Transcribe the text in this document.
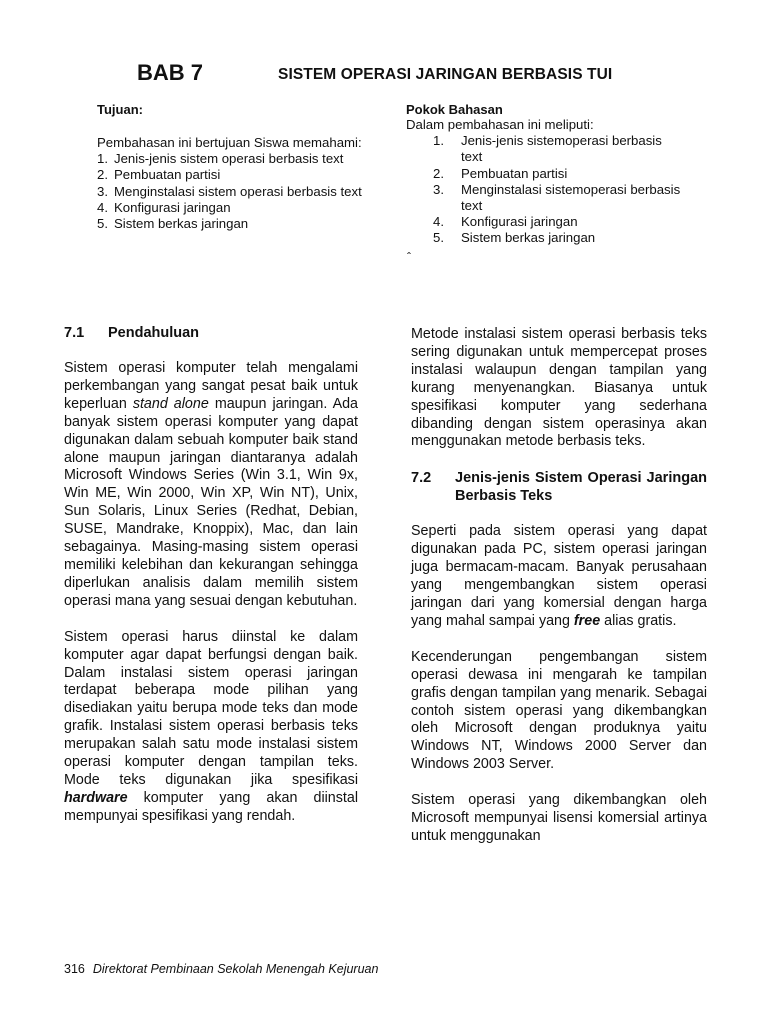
BAB 7	SISTEM OPERASI JARINGAN BERBASIS TUI
Tujuan:
Pembahasan ini bertujuan Siswa memahami:
1. Jenis-jenis sistem operasi berbasis text
2. Pembuatan partisi
3. Menginstalasi sistem operasi berbasis text
4. Konfigurasi jaringan
5. Sistem berkas jaringan
Pokok Bahasan
Dalam pembahasan ini meliputi:
1. Jenis-jenis sistemoperasi berbasis text
2. Pembuatan partisi
3. Menginstalasi sistemoperasi berbasis text
4. Konfigurasi jaringan
5. Sistem berkas jaringan
ˆ
7.1 Pendahuluan

Sistem operasi komputer telah mengalami perkembangan yang sangat pesat baik untuk keperluan stand alone maupun jaringan. Ada banyak sistem operasi komputer yang dapat digunakan dalam sebuah komputer baik stand alone maupun jaringan diantaranya adalah Microsoft Windows Series (Win 3.1, Win 9x, Win ME, Win 2000, Win XP, Win NT), Unix, Sun Solaris, Linux Series (Redhat, Debian, SUSE, Mandrake, Knoppix), Mac, dan lain sebagainya. Masing-masing sistem operasi memiliki kelebihan dan kekurangan sehingga diperlukan analisis dalam memilih sistem operasi mana yang sesuai dengan kebutuhan.

Sistem operasi harus diinstal ke dalam komputer agar dapat berfungsi dengan baik. Dalam instalasi sistem operasi jaringan terdapat beberapa mode pilihan yang disediakan yaitu berupa mode teks dan mode grafik. Instalasi sistem operasi berbasis teks merupakan salah satu mode instalasi sistem operasi komputer dengan tampilan teks. Mode teks digunakan jika spesifikasi hardware komputer yang akan diinstal mempunyai spesifikasi yang rendah.

Metode instalasi sistem operasi berbasis teks sering digunakan untuk mempercepat proses instalasi walaupun dengan tampilan yang kurang menyenangkan. Biasanya untuk spesifikasi komputer yang sederhana dibanding dengan sistem operasinya akan menggunakan metode berbasis teks.

7.2	Jenis-jenis Sistem Operasi Jaringan Berbasis Teks

Seperti pada sistem operasi yang dapat digunakan pada PC, sistem operasi jaringan juga bermacam-macam. Banyak perusahaan yang mengembangkan sistem operasi jaringan dari yang komersial dengan harga yang mahal sampai yang free alias gratis.

Kecenderungan pengembangan sistem operasi dewasa ini mengarah ke tampilan grafis dengan tampilan yang menarik. Sebagai contoh sistem operasi yang dikembangkan oleh Microsoft dengan produknya yaitu Windows NT, Windows 2000 Server dan Windows 2003 Server.

Sistem operasi yang dikembangkan oleh Microsoft mempunyai lisensi komersial artinya untuk menggunakan

316 Direktorat Pembinaan Sekolah Menengah Kejuruan
